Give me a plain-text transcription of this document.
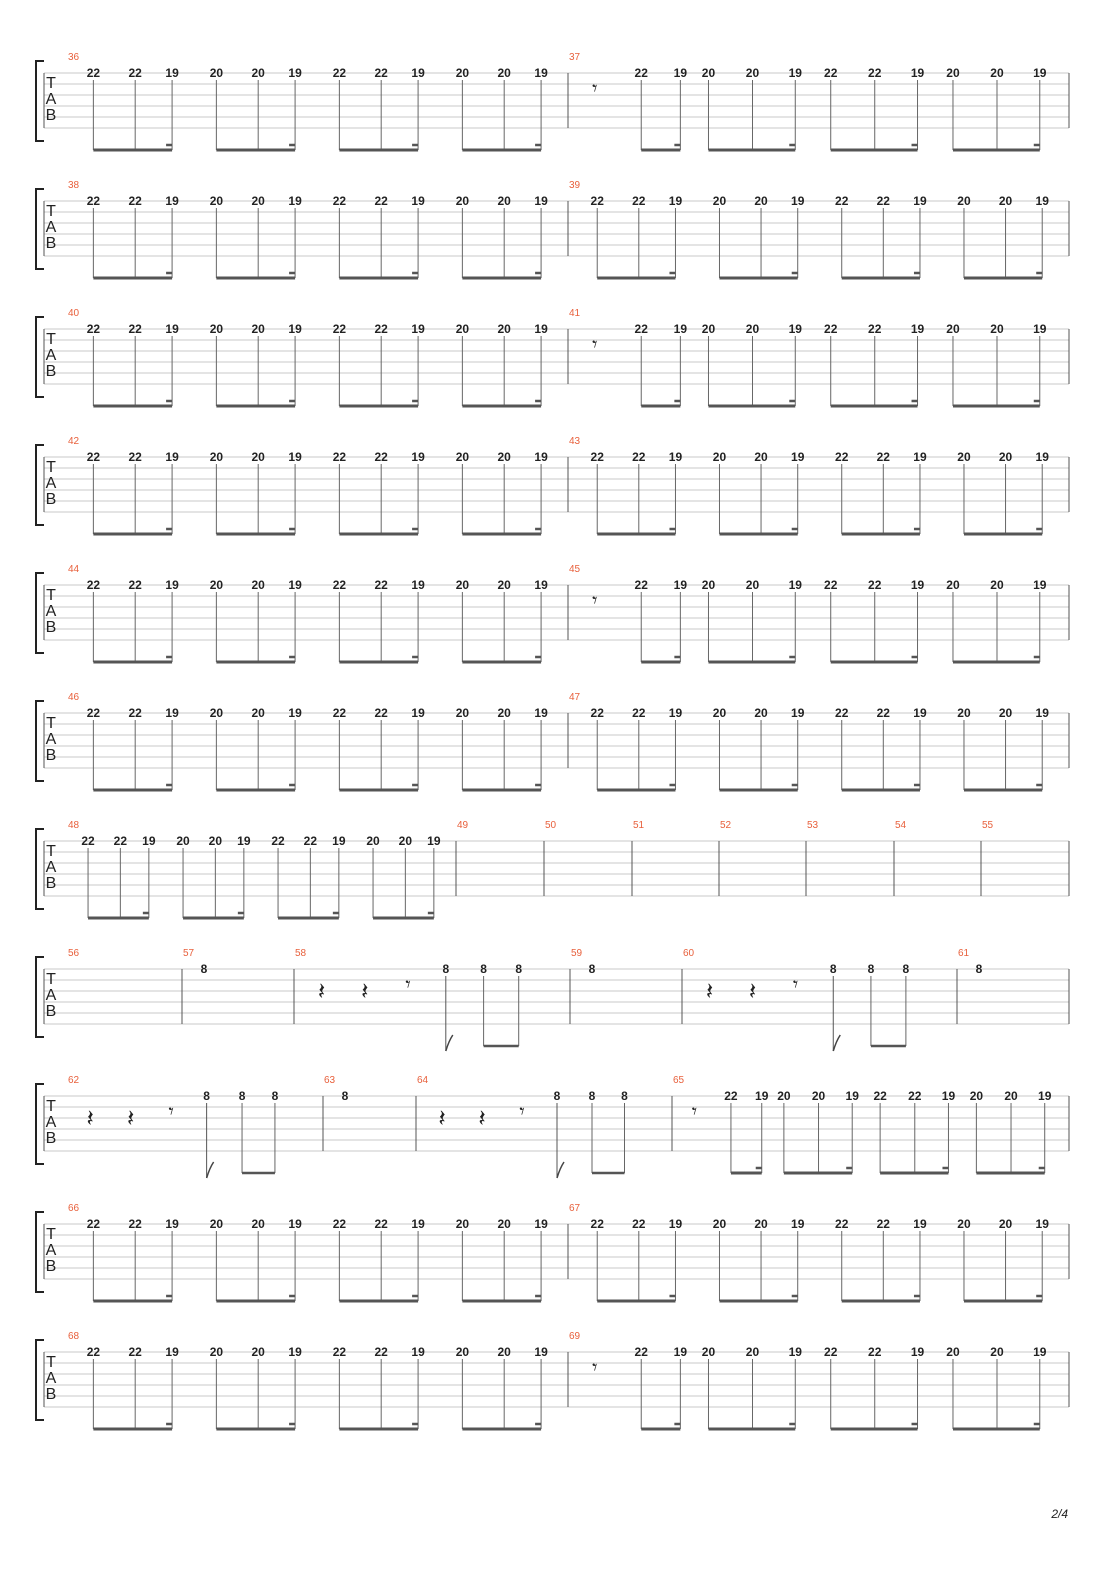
T
A
B
36
22 22 19	20 20 19	22 22 19	20 20 19
37
𝄾
22 19 20	20 19 22	22 19 20	20 19
T
A
B
38
22 22 19	20 20 19	22 22 19	20 20 19
39
22 22 19	20 20 19	22 22 19	20 20 19
T
A
B
40
22 22 19	20 20 19	22 22 19	20 20 19
41
𝄾
22 19 20	20 19 22	22 19 20	20 19
T
A
B
42
22 22 19	20 20 19	22 22 19	20 20 19
43
22 22 19	20 20 19	22 22 19	20 20 19
T
A
B
44
22 22 19	20 20 19	22 22 19	20 20 19
45
𝄾
22 19 20	20 19 22	22 19 20	20 19
T
A
B
46
22 22 19	20 20 19	22 22 19	20 20 19
47
22 22 19	20 20 19	22 22 19	20 20 19
T
A
B
48
22 22 19 20 20 19 22 22 19 20 20 19
49	50	51	52	53	54	55
T
A
B
56	57
8
58
𝄽 𝄽 𝄾
8	8 8
59
8
60
𝄽 𝄽 𝄾
8	8 8
61
8
T
A
B
62
𝄽 𝄽 𝄾
8 8 8
63
8
64
𝄽 𝄽 𝄾
8 8 8
65
𝄾
22 19 20 20 19 22 22 19 20 20 19
T
A
B
66
22 22 19	20 20 19	22 22 19	20 20 19
67
22 22 19	20 20 19	22 22 19	20 20 19
T
A
B
68
22 22 19	20 20 19	22 22 19	20 20 19
69
𝄾
22 19 20	20 19 22	22 19 20	20 19
2/4
